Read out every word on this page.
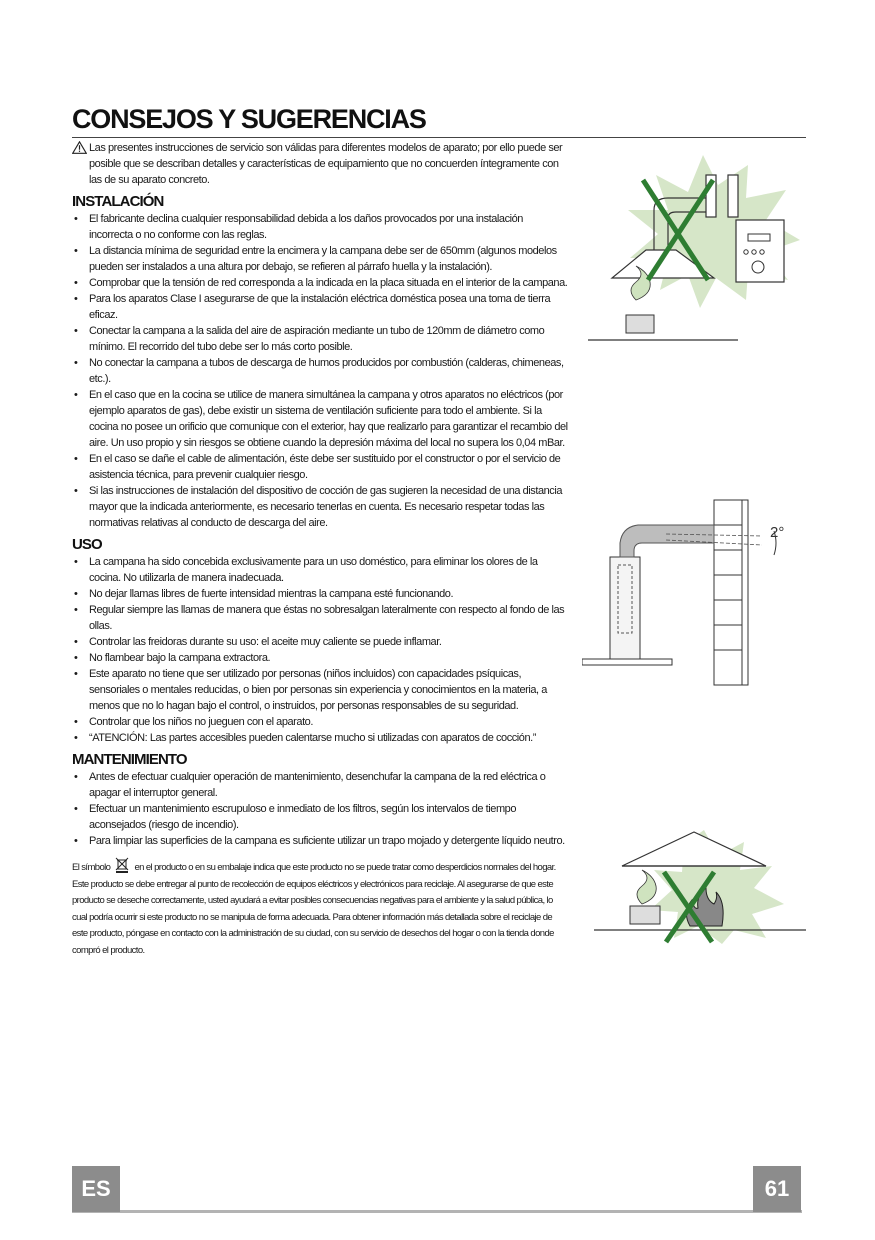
CONSEJOS Y SUGERENCIAS

Las presentes instrucciones de servicio son válidas para diferentes modelos de aparato; por ello puede ser posible que se describan detalles y características de equipamiento que no concuerden íntegramente con las de su aparato concreto.

INSTALACIÓN
• El fabricante declina cualquier responsabilidad debida a los daños provocados por una instalación incorrecta o no conforme con las reglas.
• La distancia mínima de seguridad entre la encimera y la campana debe ser de 650mm (algunos modelos pueden ser instalados a una altura por debajo, se refieren al párrafo huella y la instalación).
• Comprobar que la tensión de red corresponda a la indicada en la placa situada en el interior de la campana.
• Para los aparatos Clase I asegurarse de que la instalación eléctrica doméstica posea una toma de tierra eficaz.
• Conectar la campana a la salida del aire de aspiración mediante un tubo de 120mm de diámetro como mínimo. El recorrido del tubo debe ser lo más corto posible.
• No conectar la campana a tubos de descarga de humos producidos por combustión (calderas, chimeneas, etc.).
• En el caso que en la cocina se utilice de manera simultánea la campana y otros aparatos no eléctricos (por ejemplo aparatos de gas), debe existir un sistema de ventilación suficiente para todo el ambiente. Si la cocina no posee un orificio que comunique con el exterior, hay que realizarlo para garantizar el recambio del aire. Un uso propio y sin riesgos se obtiene cuando la depresión máxima del local no supera los 0,04 mBar.
• En el caso se dañe el cable de alimentación, éste debe ser sustituido por el constructor o por el servicio de asistencia técnica, para prevenir cualquier riesgo.
• Si las instrucciones de instalación del dispositivo de cocción de gas sugieren la necesidad de una distancia mayor que la indicada anteriormente, es necesario tenerlas en cuenta. Es necesario respetar todas las normativas relativas al conducto de descarga del aire.
USO
• La campana ha sido concebida exclusivamente para un uso doméstico, para eliminar los olores de la cocina. No utilizarla de manera inadecuada.
• No dejar llamas libres de fuerte intensidad mientras la campana esté funcionando.
• Regular siempre las llamas de manera que éstas no sobresalgan lateralmente con respecto al fondo de las ollas.
• Controlar las freidoras durante su uso: el aceite muy caliente se puede inflamar.
• No flambear bajo la campana extractora.
• Este aparato no tiene que ser utilizado por personas (niños incluidos) con capacidades psíquicas, sensoriales o mentales reducidas, o bien por personas sin experiencia y conocimientos en la materia, a menos que no lo hagan bajo el control, o instruidos, por personas responsables de su seguridad.
• Controlar que los niños no jueguen con el aparato.
• “ATENCIÓN: Las partes accesibles pueden calentarse mucho si utilizadas con aparatos de cocción.”
MANTENIMIENTO
• Antes de efectuar cualquier operación de mantenimiento, desenchufar la campana de la red eléctrica o apagar el interruptor general.
• Efectuar un mantenimiento escrupuloso e inmediato de los filtros, según los intervalos de tiempo aconsejados (riesgo de incendio).
• Para limpiar las superficies de la campana es suficiente utilizar un trapo mojado y detergente líquido neutro.
El símbolo	en el producto o en su embalaje indica que este producto no se puede tratar como desperdicios normales del hogar. Este producto se debe entregar al punto de recolección de equipos eléctricos y electrónicos para reciclaje. Al asegurarse de que este producto se deseche correctamente, usted ayudará a evitar posibles consecuencias negativas para el ambiente y la salud pública, lo cual podría ocurrir si este producto no se manipula de forma adecuada. Para obtener información más detallada sobre el reciclaje de este producto, póngase en contacto con la administración de su ciudad, con su servicio de desechos del hogar o con la tienda donde compró el producto.
2°
ES	61
